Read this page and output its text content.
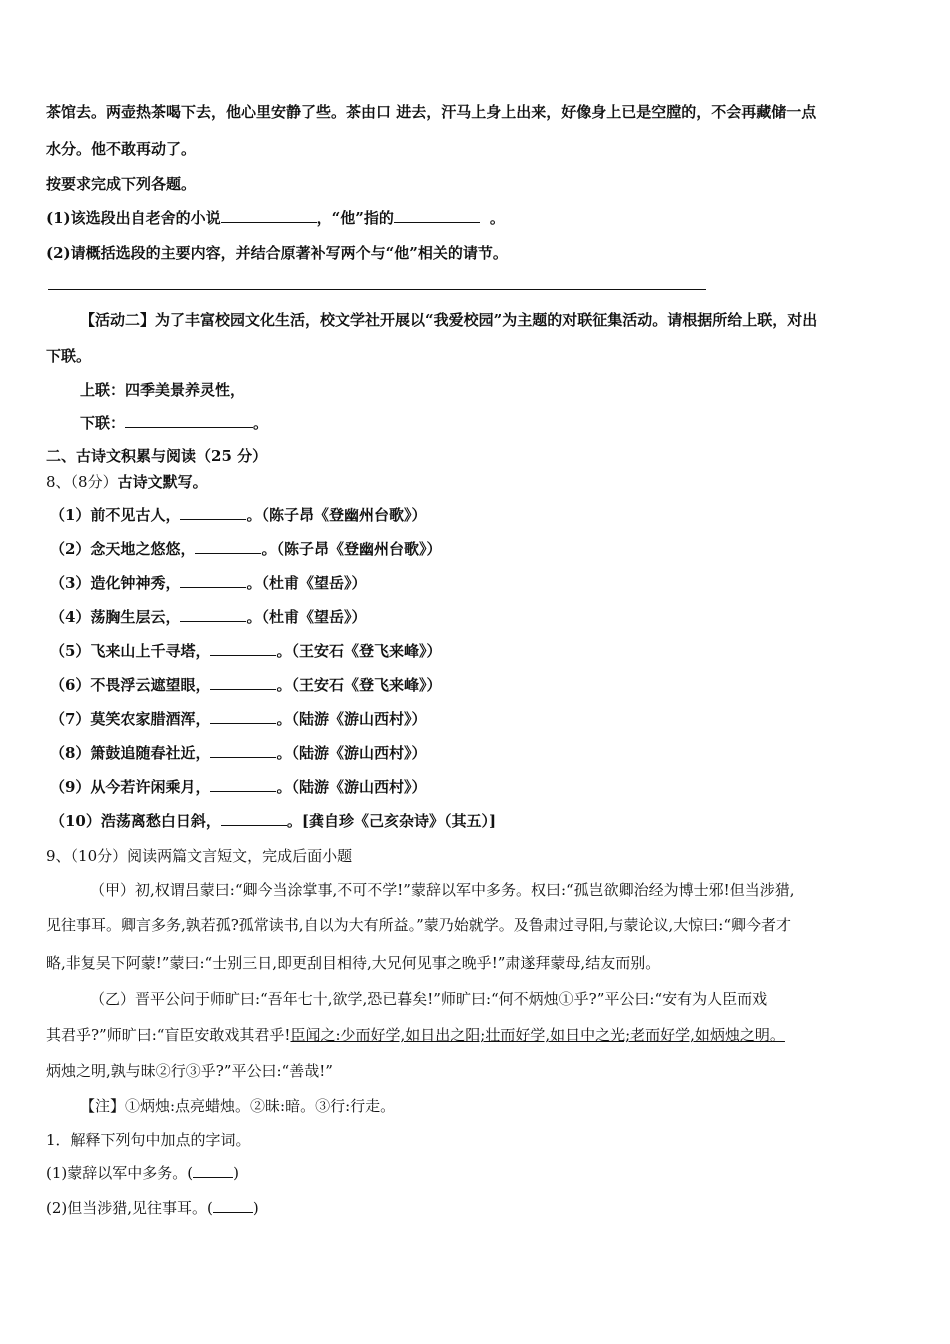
茶馆去。两壶热茶喝下去，他心里安静了些。茶由口 进去，汗马上身上出来，好像身上已是空膛的，不会再藏储一点
水分。他不敢再动了。
按要求完成下列各题。
(1)该选段出自老舍的小说	，“他”指的	。
(2)请概括选段的主要内容，并结合原著补写两个与“他”相关的请节。
【活动二】为了丰富校园文化生活，校文学社开展以“我爱校园”为主题的对联征集活动。请根据所给上联，对出
下联。
上联：四季美景养灵性，
下联：	。
二、古诗文积累与阅读（25 分）
8、（8分）古诗文默写。
（1）前不见古人，	。（陈子昂《登幽州台歌》）
（2）念天地之悠悠，	。（陈子昂《登幽州台歌》）
（3）造化钟神秀，	。（杜甫《望岳》）
（4）荡胸生层云，	。（杜甫《望岳》）
（5）飞来山上千寻塔，	。（王安石《登飞来峰》）
（6）不畏浮云遮望眼，	。（王安石《登飞来峰》）
（7）莫笑农家腊酒浑，	。（陆游《游山西村》）
（8）箫鼓追随春社近，	。（陆游《游山西村》）
（9）从今若许闲乘月，	。（陆游《游山西村》）
（10）浩荡离愁白日斜，	。[龚自珍《己亥杂诗》（其五）]
9、（10分）阅读两篇文言短文，完成后面小题
（甲）初,权谓吕蒙曰:“卿今当涂掌事,不可不学!”蒙辞以军中多务。权曰:“孤岂欲卿治经为博士邪!但当涉猎,
见往事耳。卿言多务,孰若孤?孤常读书,自以为大有所益。”蒙乃始就学。及鲁肃过寻阳,与蒙论议,大惊曰:“卿今者才
略,非复吴下阿蒙!”蒙曰:“士别三日,即更刮目相待,大兄何见事之晚乎!”肃遂拜蒙母,结友而别。
（乙）晋平公问于师旷曰:“吾年七十,欲学,恐已暮矣!”师旷曰:“何不炳烛①乎?”平公曰:“安有为人臣而戏
其君乎?”师旷曰:“盲臣安敢戏其君乎!臣闻之:少而好学,如日出之阳;壮而好学,如日中之光;老而好学,如炳烛之明。
炳烛之明,孰与昧②行③乎?”平公曰:“善哉!”
【注】①炳烛:点亮蜡烛。②昧:暗。③行:行走。
1．解释下列句中加点的字词。
(1)蒙辞以军中多务。(	)
(2)但当涉猎,见往事耳。(	)
